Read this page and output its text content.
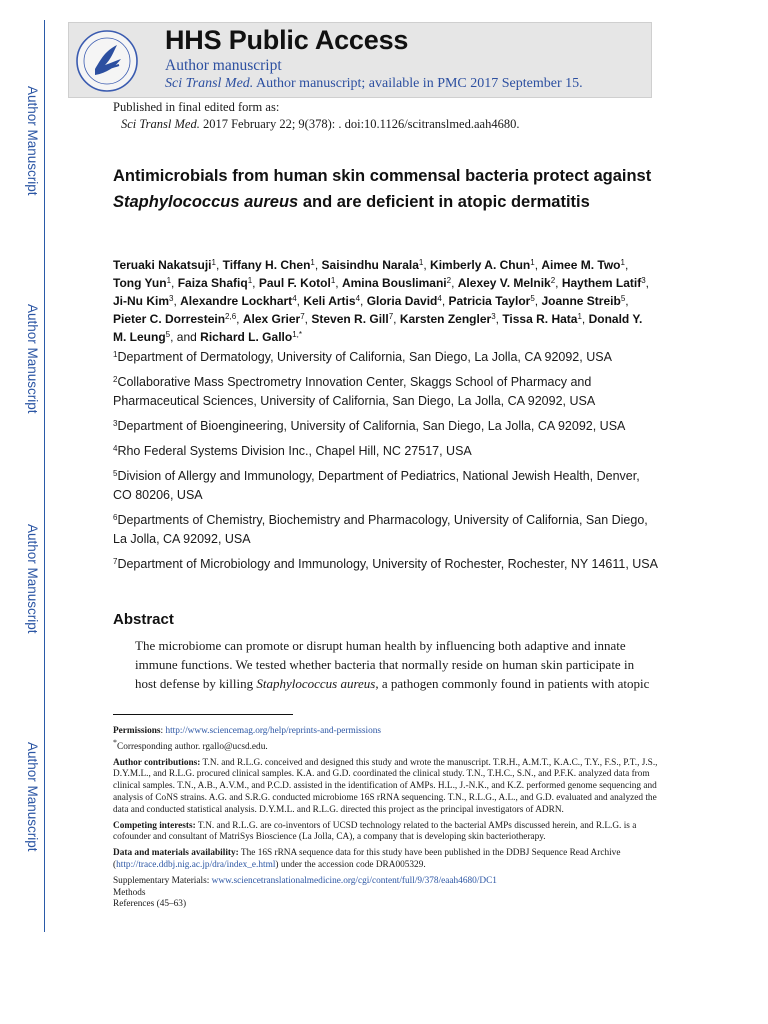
Author Manuscript
Author Manuscript
Author Manuscript
Author Manuscript
HHS Public Access
Author manuscript
Sci Transl Med. Author manuscript; available in PMC 2017 September 15.
Published in final edited form as:
Sci Transl Med. 2017 February 22; 9(378): . doi:10.1126/scitranslmed.aah4680.
Antimicrobials from human skin commensal bacteria protect against Staphylococcus aureus and are deficient in atopic dermatitis
Teruaki Nakatsuji$^1$, Tiffany H. Chen$^1$, Saisindhu Narala$^1$, Kimberly A. Chun$^1$, Aimee M. Two$^1$, Tong Yun$^1$, Faiza Shafiq$^1$, Paul F. Kotol$^1$, Amina Bouslimani$^2$, Alexey V. Melnik$^2$, Haythem Latif$^3$, Ji-Nu Kim$^3$, Alexandre Lockhart$^4$, Keli Artis$^4$, Gloria David$^4$, Patricia Taylor$^5$, Joanne Streib$^5$, Pieter C. Dorrestein$^{2,6}$, Alex Grier$^7$, Steven R. Gill$^7$, Karsten Zengler$^3$, Tissa R. Hata$^1$, Donald Y. M. Leung$^5$, and Richard L. Gallo$^{1,*}$
$^1$Department of Dermatology, University of California, San Diego, La Jolla, CA 92092, USA
$^2$Collaborative Mass Spectrometry Innovation Center, Skaggs School of Pharmacy and Pharmaceutical Sciences, University of California, San Diego, La Jolla, CA 92092, USA
$^3$Department of Bioengineering, University of California, San Diego, La Jolla, CA 92092, USA
$^4$Rho Federal Systems Division Inc., Chapel Hill, NC 27517, USA
$^5$Division of Allergy and Immunology, Department of Pediatrics, National Jewish Health, Denver, CO 80206, USA
$^6$Departments of Chemistry, Biochemistry and Pharmacology, University of California, San Diego, La Jolla, CA 92092, USA
$^7$Department of Microbiology and Immunology, University of Rochester, Rochester, NY 14611, USA
Abstract
The microbiome can promote or disrupt human health by influencing both adaptive and innate immune functions. We tested whether bacteria that normally reside on human skin participate in host defense by killing Staphylococcus aureus, a pathogen commonly found in patients with atopic
Permissions: http://www.sciencemag.org/help/reprints-and-permissions
*Corresponding author. rgallo@ucsd.edu.
Author contributions: T.N. and R.L.G. conceived and designed this study and wrote the manuscript. T.R.H., A.M.T., K.A.C., T.Y., F.S., P.T., J.S., D.Y.M.L., and R.L.G. procured clinical samples. K.A. and G.D. coordinated the clinical study. T.N., T.H.C., S.N., and P.F.K. analyzed data from clinical samples. T.N., A.B., A.V.M., and P.C.D. assisted in the identification of AMPs. H.L., J.-N.K., and K.Z. performed genome sequencing and analysis of CoNS strains. A.G. and S.R.G. conducted microbiome 16S rRNA sequencing. T.N., R.L.G., A.L., and G.D. evaluated and analyzed the data and conducted statistical analysis. D.Y.M.L. and R.L.G. directed this project as the principal investigators of ADRN.
Competing interests: T.N. and R.L.G. are co-inventors of UCSD technology related to the bacterial AMPs discussed herein, and R.L.G. is a cofounder and consultant of MatriSys Bioscience (La Jolla, CA), a company that is developing skin bacteriotherapy.
Data and materials availability: The 16S rRNA sequence data for this study have been published in the DDBJ Sequence Read Archive (http://trace.ddbj.nig.ac.jp/dra/index_e.html) under the accession code DRA005329.
Supplementary Materials: www.sciencetranslationalmedicine.org/cgi/content/full/9/378/eaah4680/DC1
Methods
References (45–63)
